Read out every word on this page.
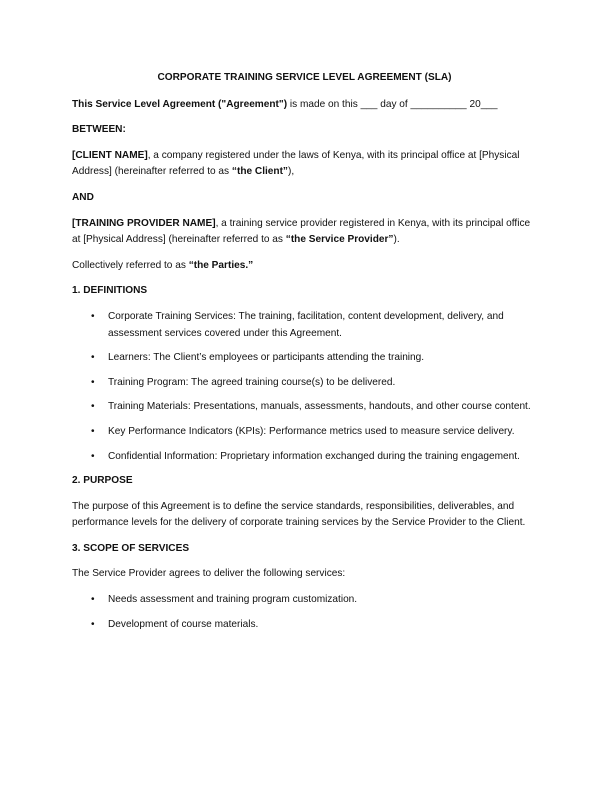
CORPORATE TRAINING SERVICE LEVEL AGREEMENT (SLA)

This Service Level Agreement ("Agreement") is made on this ___ day of __________ 20___

BETWEEN:

[CLIENT NAME], a company registered under the laws of Kenya, with its principal office at [Physical Address] (hereinafter referred to as “the Client”),

AND

[TRAINING PROVIDER NAME], a training service provider registered in Kenya, with its principal office at [Physical Address] (hereinafter referred to as “the Service Provider”).

Collectively referred to as “the Parties.”

1. DEFINITIONS

• Corporate Training Services: The training, facilitation, content development, delivery, and assessment services covered under this Agreement.
• Learners: The Client’s employees or participants attending the training.
• Training Program: The agreed training course(s) to be delivered.
• Training Materials: Presentations, manuals, assessments, handouts, and other course content.
• Key Performance Indicators (KPIs): Performance metrics used to measure service delivery.
• Confidential Information: Proprietary information exchanged during the training engagement.

2. PURPOSE

The purpose of this Agreement is to define the service standards, responsibilities, deliverables, and performance levels for the delivery of corporate training services by the Service Provider to the Client.

3. SCOPE OF SERVICES

The Service Provider agrees to deliver the following services:

• Needs assessment and training program customization.
• Development of course materials.
